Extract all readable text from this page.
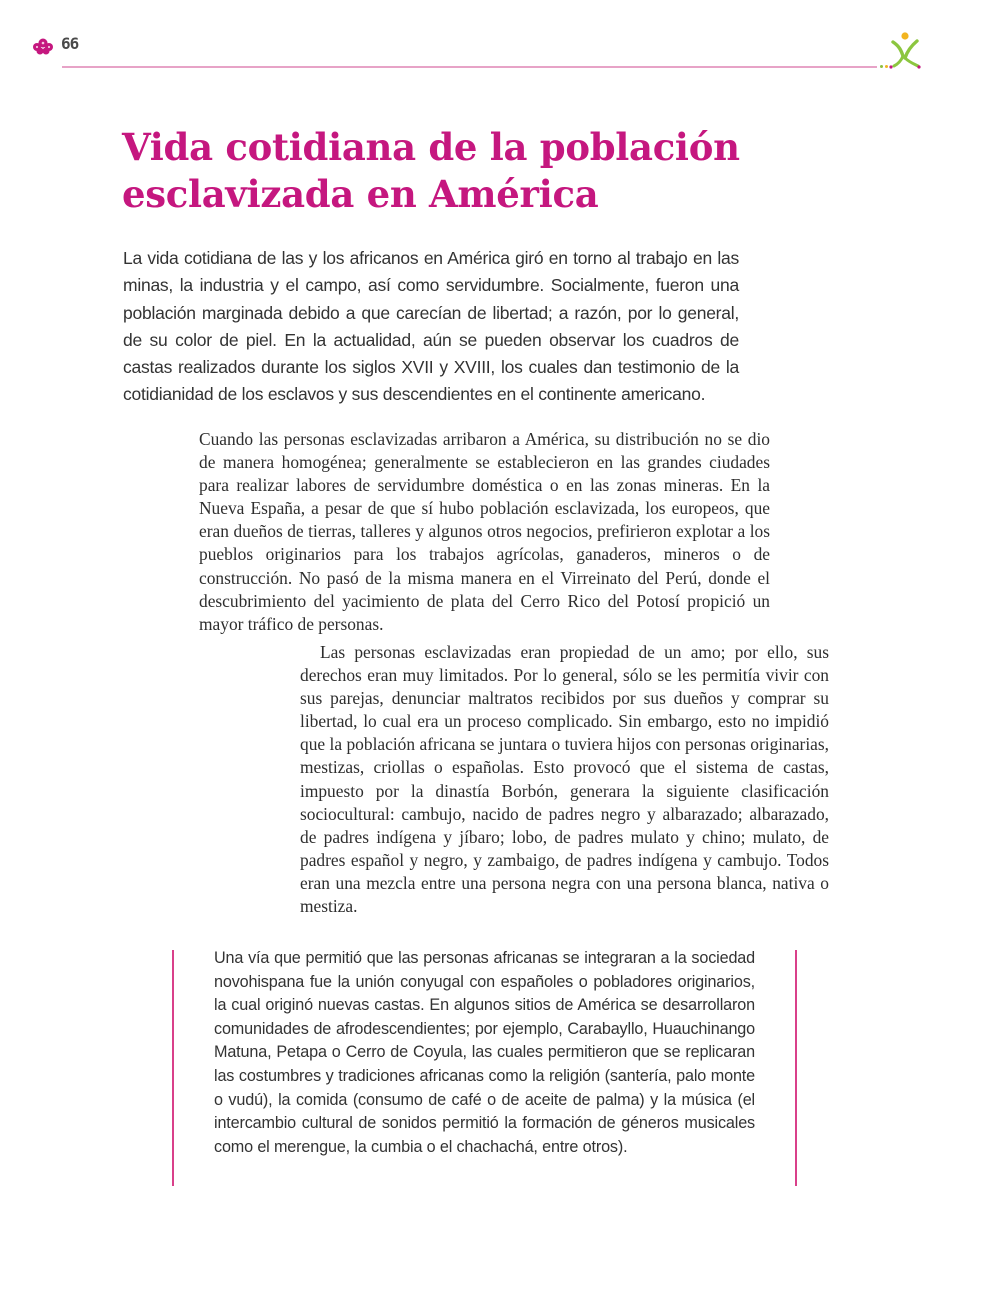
66
Vida cotidiana de la población esclavizada en América

La vida cotidiana de las y los africanos en América giró en torno al trabajo en las minas, la industria y el campo, así como servidumbre. Socialmente, fueron una población marginada debido a que carecían de libertad; a razón, por lo general, de su color de piel. En la actualidad, aún se pueden observar los cuadros de castas realizados durante los siglos XVII y XVIII, los cuales dan testimonio de la cotidianidad de los esclavos y sus descendientes en el continente americano.

Cuando las personas esclavizadas arribaron a América, su distribución no se dio de manera homogénea; generalmente se establecieron en las grandes ciudades para realizar labores de servidumbre doméstica o en las zonas mineras. En la Nueva España, a pesar de que sí hubo población esclavizada, los europeos, que eran dueños de tierras, talleres y algunos otros negocios, prefirieron explotar a los pueblos originarios para los trabajos agrícolas, ganaderos, mineros o de construcción. No pasó de la misma manera en el Virreinato del Perú, donde el descubrimiento del yacimiento de plata del Cerro Rico del Potosí propició un mayor tráfico de personas.

Las personas esclavizadas eran propiedad de un amo; por ello, sus derechos eran muy limitados. Por lo general, sólo se les permitía vivir con sus parejas, denunciar maltratos recibidos por sus dueños y comprar su libertad, lo cual era un proceso complicado. Sin embargo, esto no impidió que la población africana se juntara o tuviera hijos con personas originarias, mestizas, criollas o españolas. Esto provocó que el sistema de castas, impuesto por la dinastía Borbón, generara la siguiente clasificación sociocultural: cambujo, nacido de padres negro y albarazado; albarazado, de padres indígena y jíbaro; lobo, de padres mulato y chino; mulato, de padres español y negro, y zambaigo, de padres indígena y cambujo. Todos eran una mezcla entre una persona negra con una persona blanca, nativa o mestiza.

Una vía que permitió que las personas africanas se integraran a la sociedad novohispana fue la unión conyugal con españoles o pobladores originarios, la cual originó nuevas castas. En algunos sitios de América se desarrollaron comunidades de afrodescendientes; por ejemplo, Carabayllo, Huauchinango Matuna, Petapa o Cerro de Coyula, las cuales permitieron que se replicaran las costumbres y tradiciones africanas como la religión (santería, palo monte o vudú), la comida (consumo de café o de aceite de palma) y la música (el intercambio cultural de sonidos permitió la formación de géneros musicales como el merengue, la cumbia o el chachachá, entre otros).
